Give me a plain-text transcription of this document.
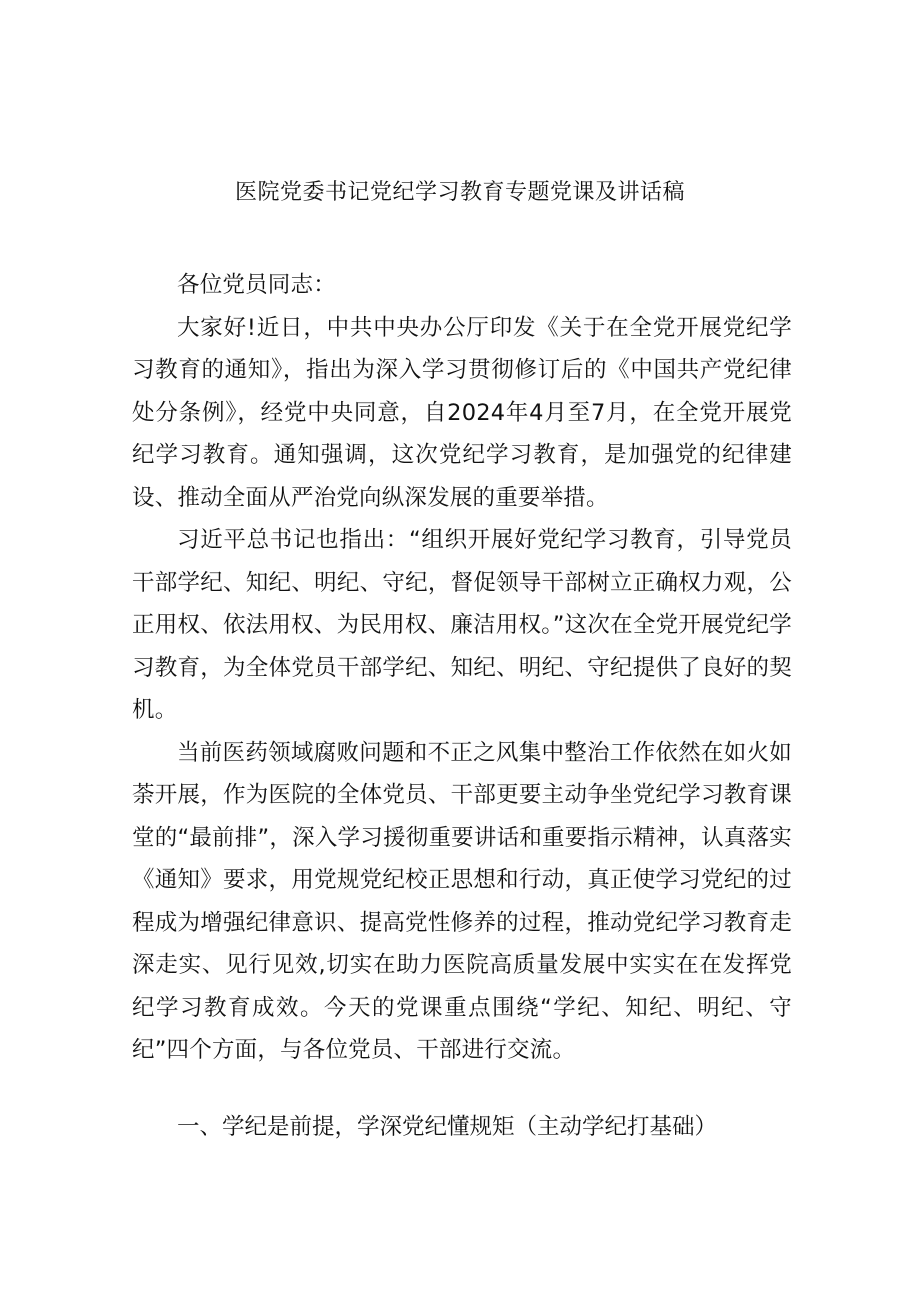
医院党委书记党纪学习教育专题党课及讲话稿

各位党员同志：

大家好!近日，中共中央办公厅印发《关于在全党开展党纪学习教育的通知》，指出为深入学习贯彻修订后的《中国共产党纪律处分条例》，经党中央同意，自2024年4月至7月，在全党开展党纪学习教育。通知强调，这次党纪学习教育，是加强党的纪律建设、推动全面从严治党向纵深发展的重要举措。

习近平总书记也指出：“组织开展好党纪学习教育，引导党员干部学纪、知纪、明纪、守纪，督促领导干部树立正确权力观，公正用权、依法用权、为民用权、廉洁用权。”这次在全党开展党纪学习教育，为全体党员干部学纪、知纪、明纪、守纪提供了良好的契机。

当前医药领域腐败问题和不正之风集中整治工作依然在如火如荼开展，作为医院的全体党员、干部更要主动争坐党纪学习教育课堂的“最前排”，深入学习援彻重要讲话和重要指示精神，认真落实《通知》要求，用党规党纪校正思想和行动，真正使学习党纪的过程成为增强纪律意识、提高党性修养的过程，推动党纪学习教育走深走实、见行见效,切实在助力医院高质量发展中实实在在发挥党纪学习教育成效。今天的党课重点围绕“学纪、知纪、明纪、守纪”四个方面，与各位党员、干部进行交流。

一、学纪是前提，学深党纪懂规矩（主动学纪打基础）
